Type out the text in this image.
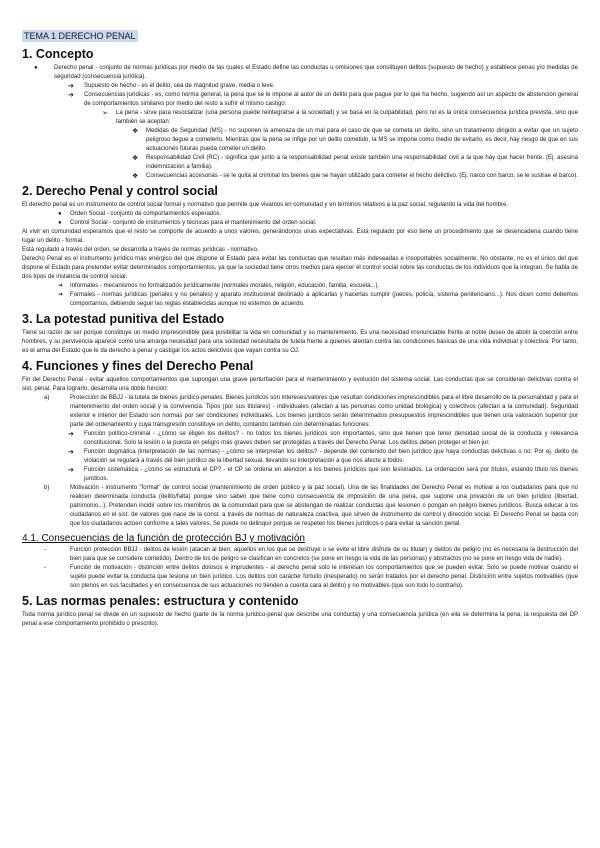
TEMA 1 DERECHO PENAL
1. Concepto
●	Derecho penal - conjunto de normas jurídicas por medio de las cuales el Estado define las conductas u omisiones que constituyen delitos (supuesto de hecho) y establece penas y/o medidas de seguridad (consecuencia jurídica).
➔ Supuesto de hecho - es el delito, sea de magnitud grave, media o leve.
➔ Consecuencias jurídicas - es, como norma general, la pena que se le impone al autor de un delito para que pague por lo que ha hecho, sugiendo así un aspecto de abstención general de comportamientos similares por medio del resto a sufrir el mismo castigo:
➢ La pena - sirve para resocializar (una persona puede reintegrarse a la sociedad) y se basa en la culpabilidad, pero no es la única consecuencia jurídica prevista, sino que también se aceptan:
❖ Medidas de Seguridad (MS) - no suponen la amenaza de un mal para el caso de que se cometa un delito, sino un tratamiento dirigido a evitar que un sujeto peligroso llegue a cometerlo. Mientras que la pena se infige por un delito cometido, la MS se impone como medio de evitarlo, es decir, hay riesgo de que en sus actuaciones futuras pueda cometer un delito.
❖ Responsabilidad Civil (RC) - significa que junto a la responsabilidad penal existe también una responsabilidad civil a la que hay que hacer frente. (Ej. asesina indemnización a familia).
❖ Consecuencias accesorias - se le quita al criminal los bienes que se hayan utilizado para cometer el hecho delictivo. (Ej. narco con barco, se le sustrae el barco).
2. Derecho Penal y control social

El derecho penal es un instrumento de control social formal y normativo que permite que vivamos en comunidad y en términos relativos a la paz social, regulando la vida del hombre.

● Orden Social - conjunto de comportamientos esperados.
● Control Social - conjunto de instrumentos y técnicas para el mantenimiento del orden social.

Al vivir en comunidad esperamos que el resto se comporte de acuerdo a unos valores, generándonos unas expectativas. Está regulado por eso tiene un procedimiento que se desencadena cuando tiene lugar un delito - formal.

Está regulado a través del orden, se desarrolla a través de normas jurídicas - normativo.

Derecho Penal es el instrumento jurídico más enérgico del que dispone el Estado para evitar las conductas que resultan más indeseadas e insoportables socialmente. No obstante, no es el único del que dispone el Estado para pretender evitar determinados comportamientos, ya que la sociedad tiene otros medios para ejercer el control social sobre las conductas de los individuos que la integran. Se habla de dos tipos de instancia de control social:

➔ Informales - mecanismos no formalizados jurídicamente (normales morales, religión, educación, familia, escuela...).
➔ Formales - normas jurídicas (penales y no penales) y aparato institucional destinado a aplicarlas y hacerlas cumplir (jueces, policía, sistema penitenciario...). Nos dicen como debemos comportarnos, debiendo seguir las reglas establecidas aunque no estemos de acuerdo.
3. La potestad punitiva del Estado

Tiene su razón de ser porque constituye un medio imprescindible para posibilitar la vida en comunidad y su mantenimiento. Es una necesidad irrenunciable frente al noble deseo de abolir la coerción entre hombres, y su pervivencia aparece como una amarga necesidad para una sociedad necesitada de tutela frente a quienes atentan contra las condiciones básicas de una vida individual y colectiva. Por tanto, es el arma del Estado que le da derecho a penar y castigar los actos delictivos que vayan contra su OJ.

4. Funciones y fines del Derecho Penal

Fin del Derecho Penal - evitar aquellos comportamientos que supongan una grave perturbación para el mantenimiento y evolución del sistema social. Las conductas que se consideran delictivas contra el sist. penal. Para lograrlo, desarrolla una doble función:

a)	Protección de BBJJ - la tutela de bienes jurídico-penales. Bienes jurídicos son intereses/valores que resultan condiciones imprescindibles para el libre desarrollo de la personalidad y para el mantenimiento del orden social y la convivencia. Tipos (por sus titulares) - individuales (afectan a las personas como unidad biológica) y colectivos (afectan a la comunidad). Seguridad exterior e interior del Estado son normas por ser condiciones individuales. Los bienes jurídicos serán determinados presupuestos imprescindibles que tienen una valoración superior por parte del ordenamiento y cuya transgresión constituye un delito, contando también con determinadas funciones:
➔ Función político-criminal - ¿cómo se eligen los delitos? - no todos los bienes jurídicos son importantes, sino que tienen que tener densidad social de la conducta y relevancia constitucional. Solo la lesión o la puesta en peligro más graves deben ser protegidas a través del Derecho Penal. Los delitos deben proteger el bien jur.
➔ Función dogmática (interpretación de las normas) - ¿cómo se interpretan los delitos? - depende del contenido del bien jurídico que haya conductas delictivas o no. Por ej. delito de violación se regulará a través del bien jurídico de la libertad sexual, llevando su interpretación a que nos afecte a todos.
➔ Función sistemática - ¿cómo se estructura el CP? - el CP se ordena en atención a los bienes jurídicos que son lesionados. La ordenación será por títulos, estando título los bienes jurídicos.
b)	Motivación - instrumento "formal" de control social (mantenimiento de orden público y la paz social). Una de las finalidades del Derecho Penal es motivar a los ciudadanos para que no realicen determinada conducta (delito/falta) porque sino saben que tiene como consecuencia de imposición de una pena, que supone una privación de un bien jurídico (libertad, patrimonio...). Pretenden incidir sobre los miembros de la comunidad para que se abstengan de realizar conductas que lesionen o pongan en peligro bienes jurídicos. Busca educar a los ciudadanos en el sist. de valores que nace de la const. a través de normas de naturaleza coactiva, que sirven de instrumento de control y dirección social. El Derecho Penal se basta con que los ciudadanos actúen conforme a tales valores. Se puede no delinquir porque se respeten los bienes jurídicos o para evitar la sanción penal.
4.1. Consecuencias de la función de protección BJ y motivación
-	Función protección BBJJ - delitos de lesión (atacan al bien; aquellos en los que se destruye o se evite el libre disfrute de su titular) y delitos de peligro (no es necesaria la destrucción del bien para que se considere cometido). Dentro de los de peligro se clasifican en concretos (se pone en riesgo la vida de las personas) y abstractos (no se pone en riesgo vida de nadie).
-	Función de motivación - distinción entre delitos dolosos e imprudentes - al derecho penal solo le interesan los comportamientos que se pueden evitar. Solo se puede motivar cuando el sujeto puede evitar la conducta que lesiona un bien jurídico. Los delitos con carácter fortuito (inesperado) no serán tratados por el derecho penal. Distinción entre sujetos motivables (que son plenos en sus facultades y en consecuencia de sus actuaciones no tienden a cuenta cara al delito) y no motivables (que son todo lo contrario).
5. Las normas penales: estructura y contenido

Toda norma jurídico penal se divide en un supuesto de hecho (parte de la norma jurídico-penal que describe una conducta) y una consecuencia jurídica (en ella se determina la pena, la respuesta del DP penal a ese comportamiento prohibido o prescrito).
